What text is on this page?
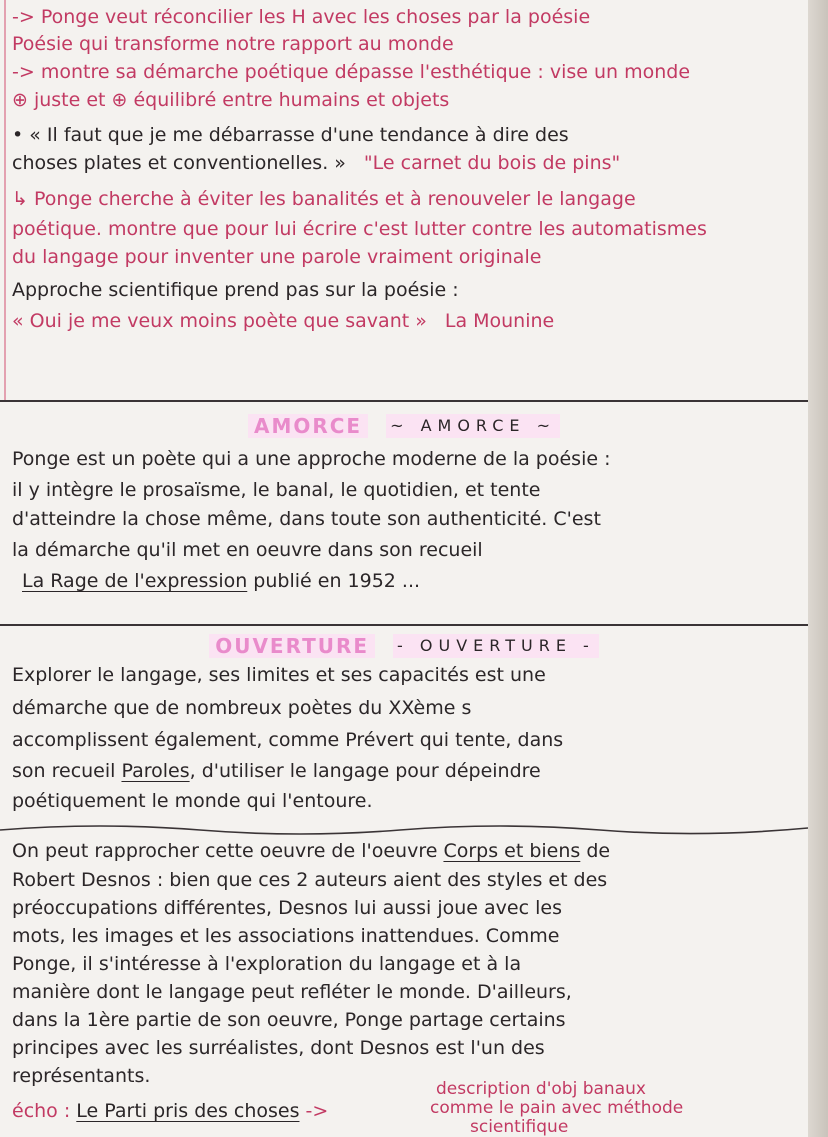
-> Ponge veut réconcilier les H avec les choses par la poésie
Poésie qui transforme notre rapport au monde
-> montre sa démarche poétique dépasse l'esthétique : vise un monde
⊕ juste et ⊕ équilibré entre humains et objets
• « Il faut que je me débarrasse d'une tendance à dire des
choses plates et conventionelles. » "Le carnet du bois de pins"
↳ Ponge cherche à éviter les banalités et à renouveler le langage
poétique. montre que pour lui écrire c'est lutter contre les automatismes
du langage pour inventer une parole vraiment originale
Approche scientifique prend pas sur la poésie :
« Oui je me veux moins poète que savant » La Mounine
AMORCE	~ AMORCE ~
Ponge est un poète qui a une approche moderne de la poésie :
il y intègre le prosaïsme, le banal, le quotidien, et tente
d'atteindre la chose même, dans toute son authenticité. C'est
la démarche qu'il met en oeuvre dans son recueil
La Rage de l'expression publié en 1952 ...
OUVERTURE	- OUVERTURE -
Explorer le langage, ses limites et ses capacités est une
démarche que de nombreux poètes du XXème s
accomplissent également, comme Prévert qui tente, dans
son recueil Paroles, d'utiliser le langage pour dépeindre
poétiquement le monde qui l'entoure.
On peut rapprocher cette oeuvre de l'oeuvre Corps et biens de
Robert Desnos : bien que ces 2 auteurs aient des styles et des
préoccupations différentes, Desnos lui aussi joue avec les
mots, les images et les associations inattendues. Comme
Ponge, il s'intéresse à l'exploration du langage et à la
manière dont le langage peut refléter le monde. D'ailleurs,
dans la 1ère partie de son oeuvre, Ponge partage certains
principes avec les surréalistes, dont Desnos est l'un des
représentants.
écho : Le Parti pris des choses ->
description d'obj banaux
comme le pain avec méthode
scientifique
